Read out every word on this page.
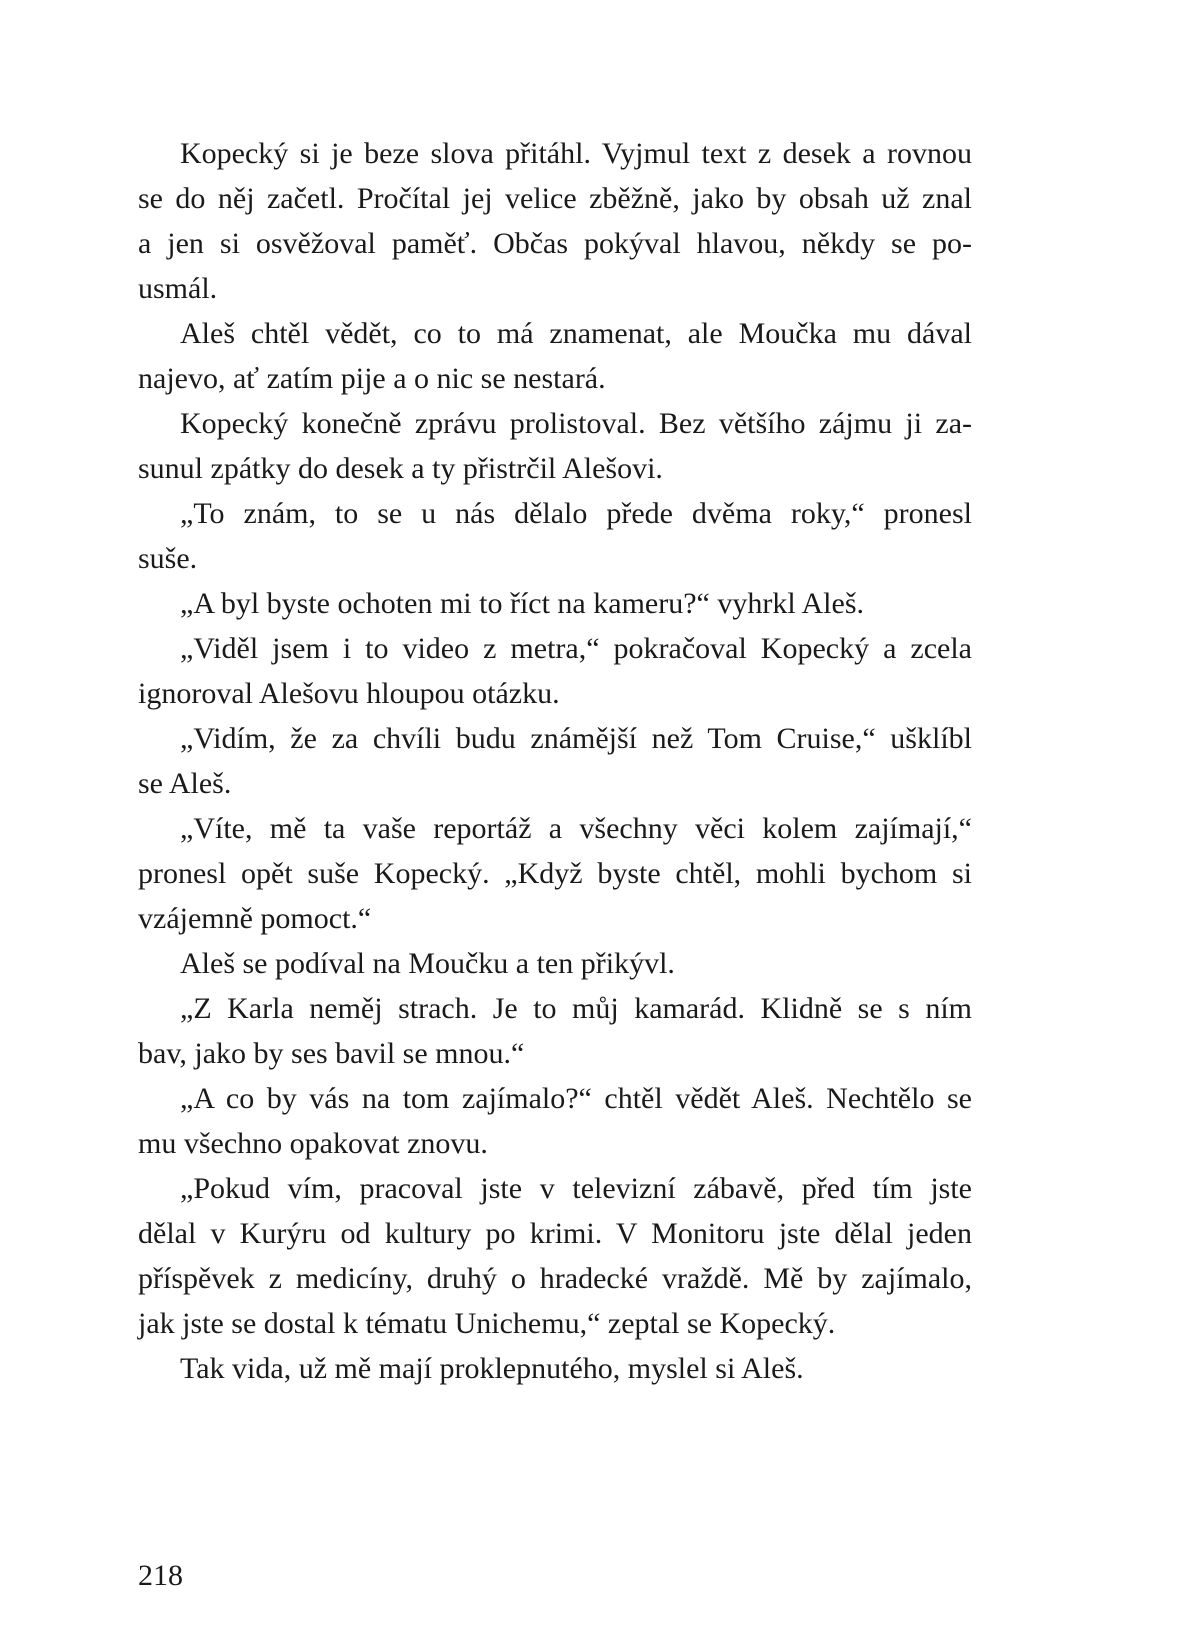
Kopecký si je beze slova přitáhl. Vyjmul text z desek a rovnou
se do něj začetl. Pročítal jej velice zběžně, jako by obsah už znal
a jen si osvěžoval paměť. Občas pokýval hlavou, někdy se po-
usmál.
Aleš chtěl vědět, co to má znamenat, ale Moučka mu dával
najevo, ať zatím pije a o nic se nestará.
Kopecký konečně zprávu prolistoval. Bez většího zájmu ji za-
sunul zpátky do desek a ty přistrčil Alešovi.
„To znám, to se u nás dělalo přede dvěma roky,“ pronesl
suše.
„A byl byste ochoten mi to říct na kameru?“ vyhrkl Aleš.
„Viděl jsem i to video z metra,“ pokračoval Kopecký a zcela
ignoroval Alešovu hloupou otázku.
„Vidím, že za chvíli budu známější než Tom Cruise,“ ušklíbl
se Aleš.
„Víte, mě ta vaše reportáž a všechny věci kolem zajímají,“
pronesl opět suše Kopecký. „Když byste chtěl, mohli bychom si
vzájemně pomoct.“
Aleš se podíval na Moučku a ten přikývl.
„Z Karla neměj strach. Je to můj kamarád. Klidně se s ním
bav, jako by ses bavil se mnou.“
„A co by vás na tom zajímalo?“ chtěl vědět Aleš. Nechtělo se
mu všechno opakovat znovu.
„Pokud vím, pracoval jste v televizní zábavě, před tím jste
dělal v Kurýru od kultury po krimi. V Monitoru jste dělal jeden
příspěvek z medicíny, druhý o hradecké vraždě. Mě by zajímalo,
jak jste se dostal k tématu Unichemu,“ zeptal se Kopecký.
Tak vida, už mě mají proklepnutého, myslel si Aleš.
218
